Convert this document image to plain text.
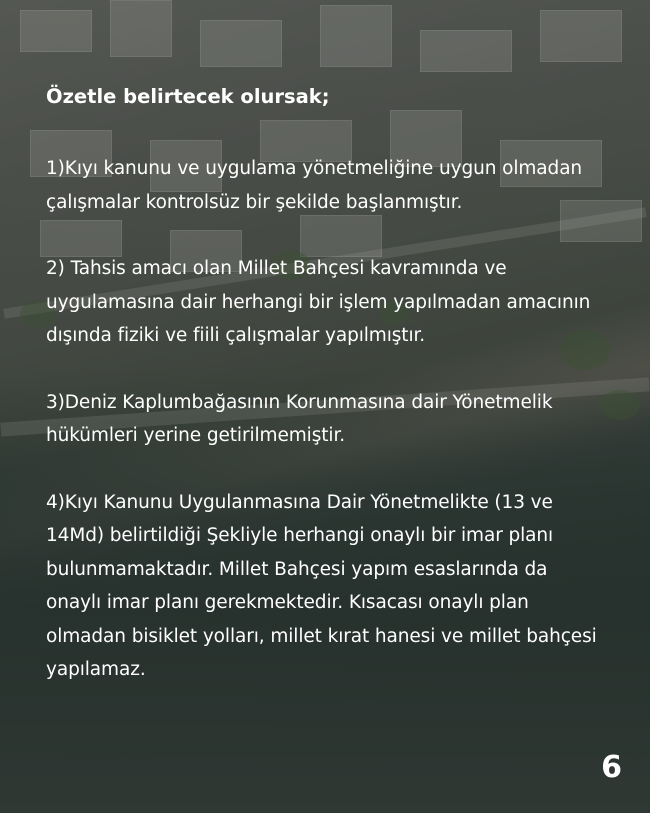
Özetle belirtecek olursak;

1)Kıyı kanunu ve uygulama yönetmeliğine uygun olmadan çalışmalar kontrolsüz bir şekilde başlanmıştır.

2) Tahsis amacı olan Millet Bahçesi kavramında ve uygulamasına dair herhangi bir işlem yapılmadan amacının dışında fiziki ve fiili çalışmalar yapılmıştır.

3)Deniz Kaplumbağasının Korunmasına dair Yönetmelik hükümleri yerine getirilmemiştir.

4)Kıyı Kanunu Uygulanmasına Dair Yönetmelikte (13 ve 14Md) belirtildiği Şekliyle herhangi onaylı bir imar planı bulunmamaktadır. Millet Bahçesi yapım esaslarında da onaylı imar planı gerekmektedir. Kısacası onaylı plan olmadan bisiklet yolları, millet kırat hanesi ve millet bahçesi yapılamaz.

6
